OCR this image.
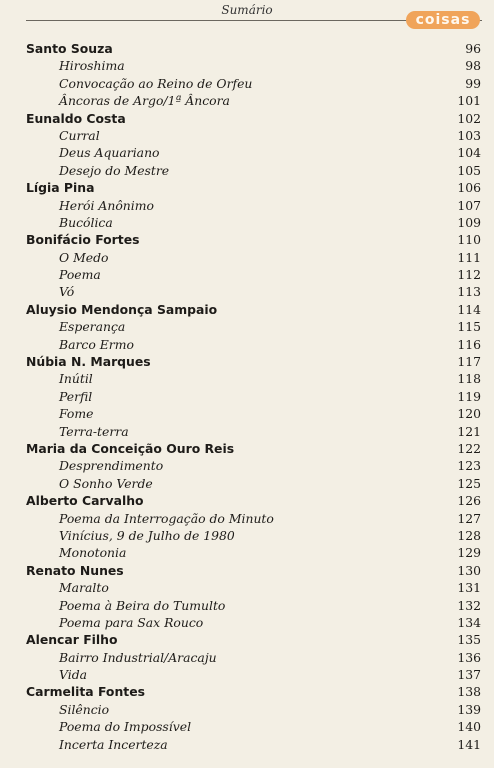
Sumário
coisas
Santo Souza	96
Hiroshima	98
Convocação ao Reino de Orfeu	99
Âncoras de Argo/1ª Âncora	101
Eunaldo Costa	102
Curral	103
Deus Aquariano	104
Desejo do Mestre	105
Lígia Pina	106
Herói Anônimo	107
Bucólica	109
Bonifácio Fortes	110
O Medo	111
Poema	112
Vó	113
Aluysio Mendonça Sampaio	114
Esperança	115
Barco Ermo	116
Núbia N. Marques	117
Inútil	118
Perfil	119
Fome	120
Terra-terra	121
Maria da Conceição Ouro Reis	122
Desprendimento	123
O Sonho Verde	125
Alberto Carvalho	126
Poema da Interrogação do Minuto	127
Vinícius, 9 de Julho de 1980	128
Monotonia	129
Renato Nunes	130
Maralto	131
Poema à Beira do Tumulto	132
Poema para Sax Rouco	134
Alencar Filho	135
Bairro Industrial/Aracaju	136
Vida	137
Carmelita Fontes	138
Silêncio	139
Poema do Impossível	140
Incerta Incerteza	141
